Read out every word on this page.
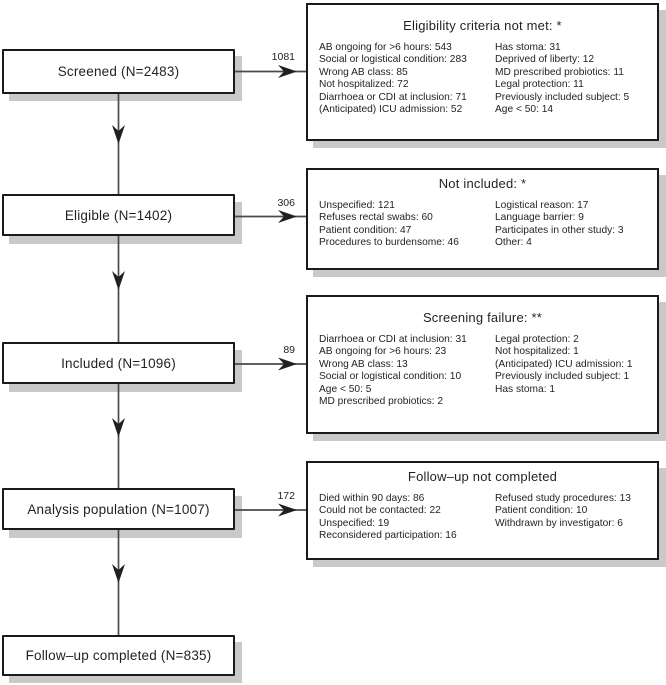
Screened (N=2483)
Eligible (N=1402)
Included (N=1096)
Analysis population (N=1007)
Follow–up completed (N=835)
1081
306
89
172
Eligibility criteria not met: *
AB ongoing for >6 hours: 543
Social or logistical condition: 283
Wrong AB class: 85
Not hospitalized: 72
Diarrhoea or CDI at inclusion: 71
(Anticipated) ICU admission: 52
Has stoma: 31
Deprived of liberty: 12
MD prescribed probiotics: 11
Legal protection: 11
Previously included subject: 5
Age < 50: 14
Not included: *
Unspecified: 121
Refuses rectal swabs: 60
Patient condition: 47
Procedures to burdensome: 46
Logistical reason: 17
Language barrier: 9
Participates in other study: 3
Other: 4
Screening failure: **
Diarrhoea or CDI at inclusion: 31
AB ongoing for >6 hours: 23
Wrong AB class: 13
Social or logistical condition: 10
Age < 50: 5
MD prescribed probiotics: 2
Legal protection: 2
Not hospitalized: 1
(Anticipated) ICU admission: 1
Previously included subject: 1
Has stoma: 1
Follow–up not completed
Died within 90 days: 86
Could not be contacted: 22
Unspecified: 19
Reconsidered participation: 16
Refused study procedures: 13
Patient condition: 10
Withdrawn by investigator: 6
